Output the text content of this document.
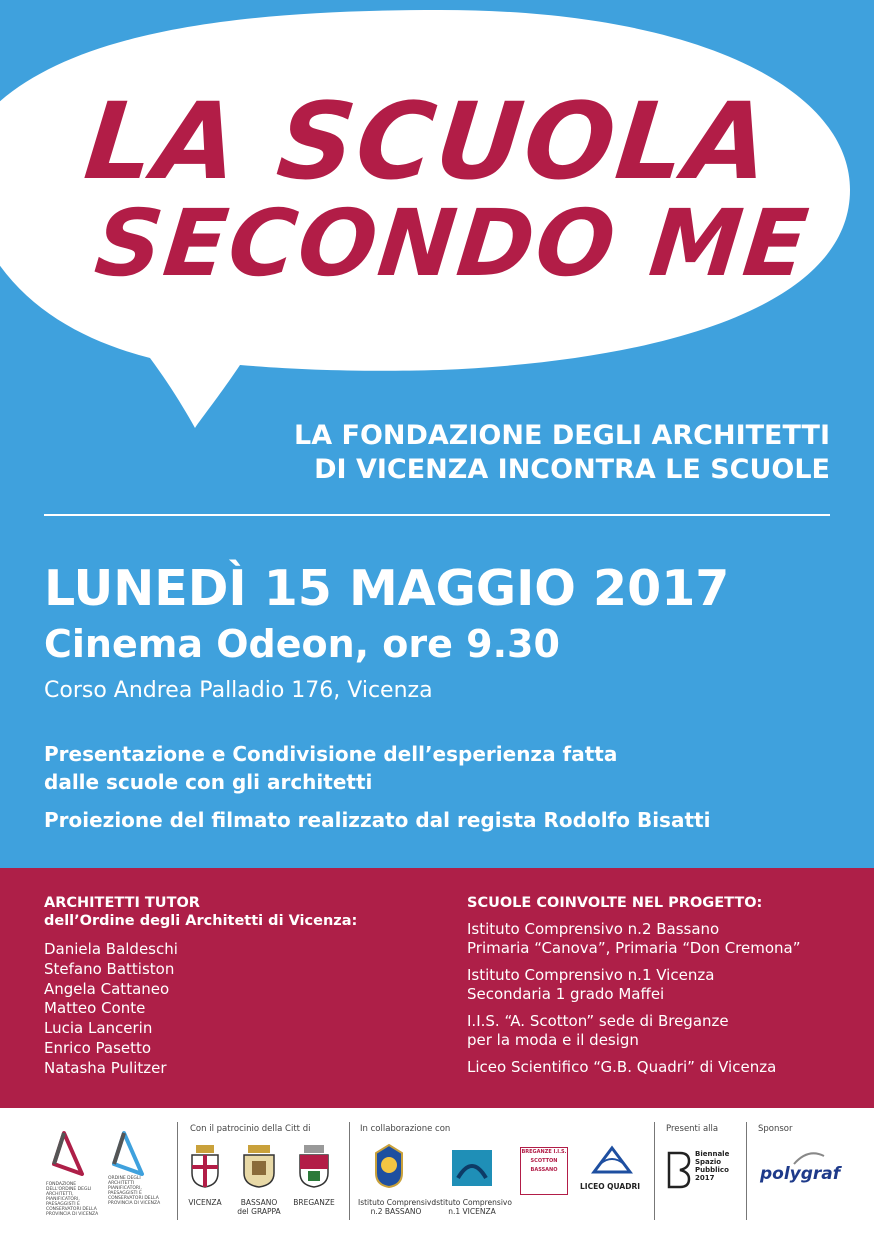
LA SCUOLA
SECONDO ME
LA FONDAZIONE DEGLI ARCHITETTI
DI VICENZA INCONTRA LE SCUOLE
LUNEDÌ 15 MAGGIO 2017
Cinema Odeon, ore 9.30
Corso Andrea Palladio 176, Vicenza
Presentazione e Condivisione dell’esperienza fatta
dalle scuole con gli architetti
Proiezione del filmato realizzato dal regista Rodolfo Bisatti
ARCHITETTI TUTOR
dell’Ordine degli Architetti di Vicenza:
Daniela Baldeschi
Stefano Battiston
Angela Cattaneo
Matteo Conte
Lucia Lancerin
Enrico Pasetto
Natasha Pulitzer
SCUOLE COINVOLTE NEL PROGETTO:
Istituto Comprensivo n.2 Bassano
Primaria “Canova”, Primaria “Don Cremona”
Istituto Comprensivo n.1 Vicenza
Secondaria 1 grado Maffei
I.I.S. “A. Scotton” sede di Breganze
per la moda e il design
Liceo Scientifico “G.B. Quadri” di Vicenza
FONDAZIONE DELL'ORDINE DEGLI ARCHITETTI, PIANIFICATORI, PAESAGGISTI E CONSERVATORI DELLA PROVINCIA DI VICENZA
ORDINE DEGLI ARCHITETTI PIANIFICATORI, PAESAGGISTI E CONSERVATORI DELLA PROVINCIA DI VICENZA
Con il patrocinio della Citt di
VICENZA	BASSANO
del GRAPPA
BREGANZE
In collaborazione con
Istituto Comprensivo
n.2 BASSANO
Istituto Comprensivo
n.1 VICENZA
BREGANZE I.I.S. SCOTTON BASSANO
LICEO QUADRI
Presenti alla
Biennale
Spazio
Pubblico
2017
Sponsor
polygraf
